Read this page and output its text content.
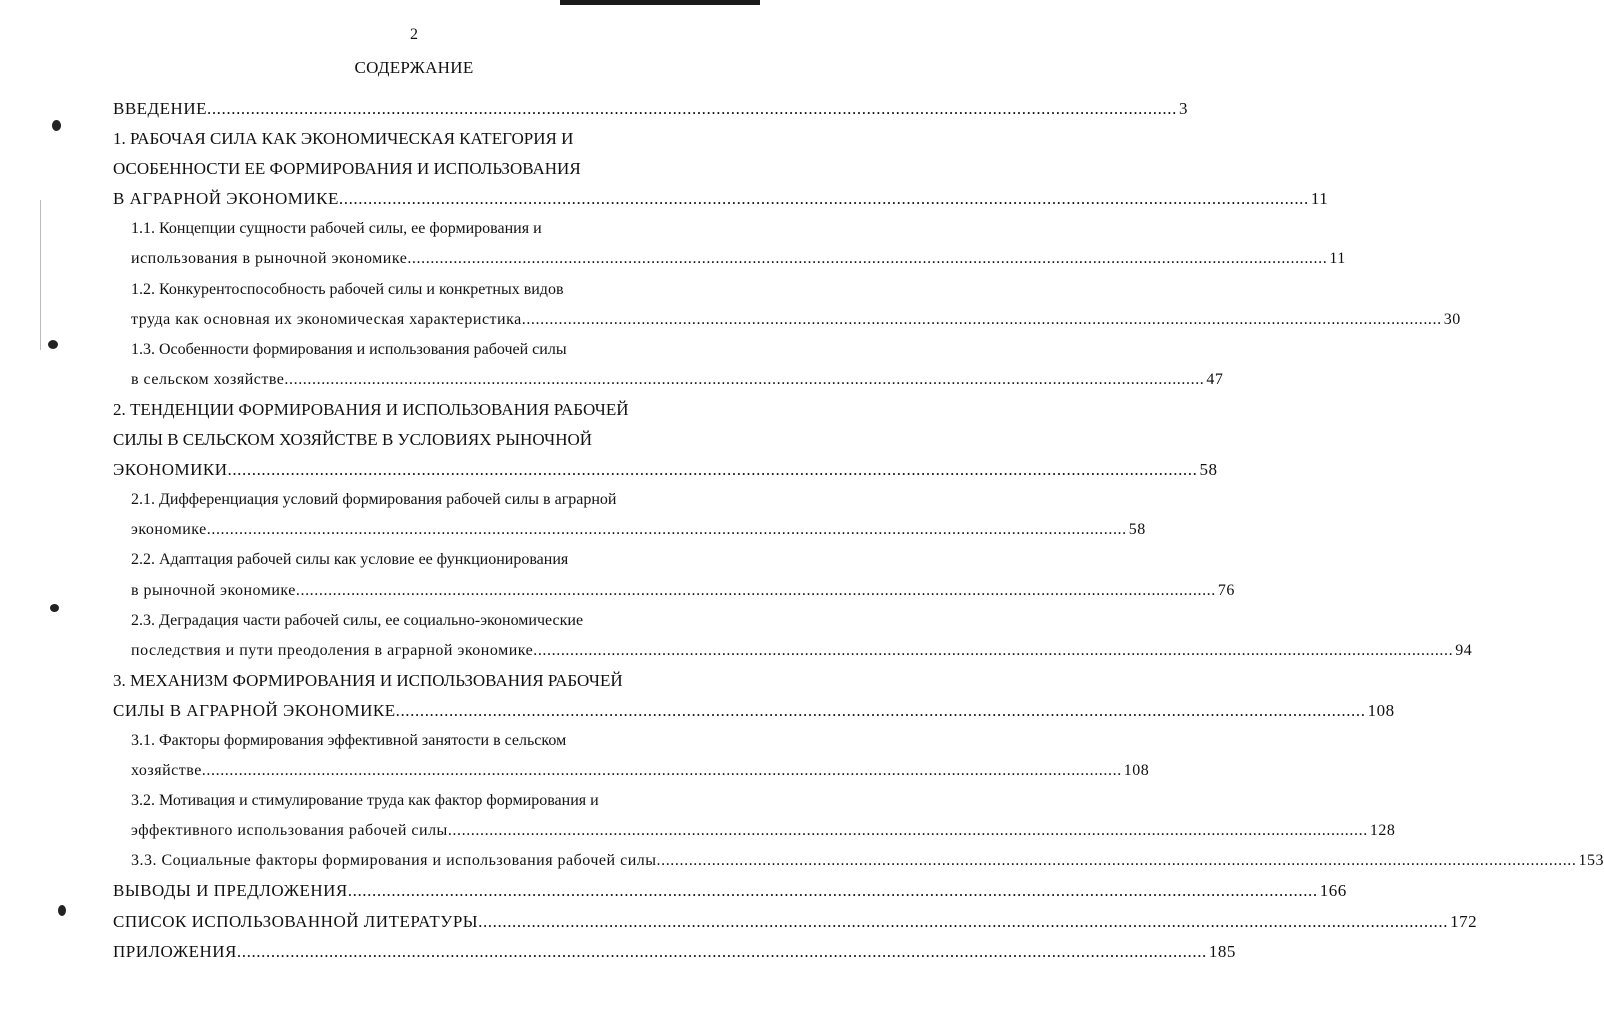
2
СОДЕРЖАНИЕ
ВВЕДЕНИЕ ........................................................................................................................................................................................................ 3
1. РАБОЧАЯ СИЛА КАК ЭКОНОМИЧЕСКАЯ КАТЕГОРИЯ И
ОСОБЕННОСТИ ЕЕ ФОРМИРОВАНИЯ И ИСПОЛЬЗОВАНИЯ
В АГРАРНОЙ ЭКОНОМИКЕ ........................................................................................................................................................................................................ 11
1.1. Концепции сущности рабочей силы, ее формирования и
использования в рыночной экономике ........................................................................................................................................................................................................ 11
1.2. Конкурентоспособность рабочей силы и конкретных видов
труда как основная их экономическая характеристика ........................................................................................................................................................................................................ 30
1.3. Особенности формирования и использования рабочей силы
в сельском хозяйстве ........................................................................................................................................................................................................ 47
2. ТЕНДЕНЦИИ ФОРМИРОВАНИЯ И ИСПОЛЬЗОВАНИЯ РАБОЧЕЙ
СИЛЫ В СЕЛЬСКОМ ХОЗЯЙСТВЕ В УСЛОВИЯХ РЫНОЧНОЙ
ЭКОНОМИКИ ........................................................................................................................................................................................................ 58
2.1. Дифференциация условий формирования рабочей силы в аграрной
экономике ........................................................................................................................................................................................................ 58
2.2. Адаптация рабочей силы как условие ее функционирования
в рыночной экономике ........................................................................................................................................................................................................ 76
2.3. Деградация части рабочей силы, ее социально-экономические
последствия и пути преодоления в аграрной экономике ........................................................................................................................................................................................................ 94
3. МЕХАНИЗМ ФОРМИРОВАНИЯ И ИСПОЛЬЗОВАНИЯ РАБОЧЕЙ
СИЛЫ В АГРАРНОЙ ЭКОНОМИКЕ ........................................................................................................................................................................................................ 108
3.1. Факторы формирования эффективной занятости в сельском
хозяйстве ........................................................................................................................................................................................................ 108
3.2. Мотивация и стимулирование труда как фактор формирования и
эффективного использования рабочей силы ........................................................................................................................................................................................................ 128
3.3. Социальные факторы формирования и использования рабочей силы ........................................................................................................................................................................................................ 153
ВЫВОДЫ И ПРЕДЛОЖЕНИЯ ........................................................................................................................................................................................................ 166
СПИСОК ИСПОЛЬЗОВАННОЙ ЛИТЕРАТУРЫ ........................................................................................................................................................................................................ 172
ПРИЛОЖЕНИЯ ........................................................................................................................................................................................................ 185
